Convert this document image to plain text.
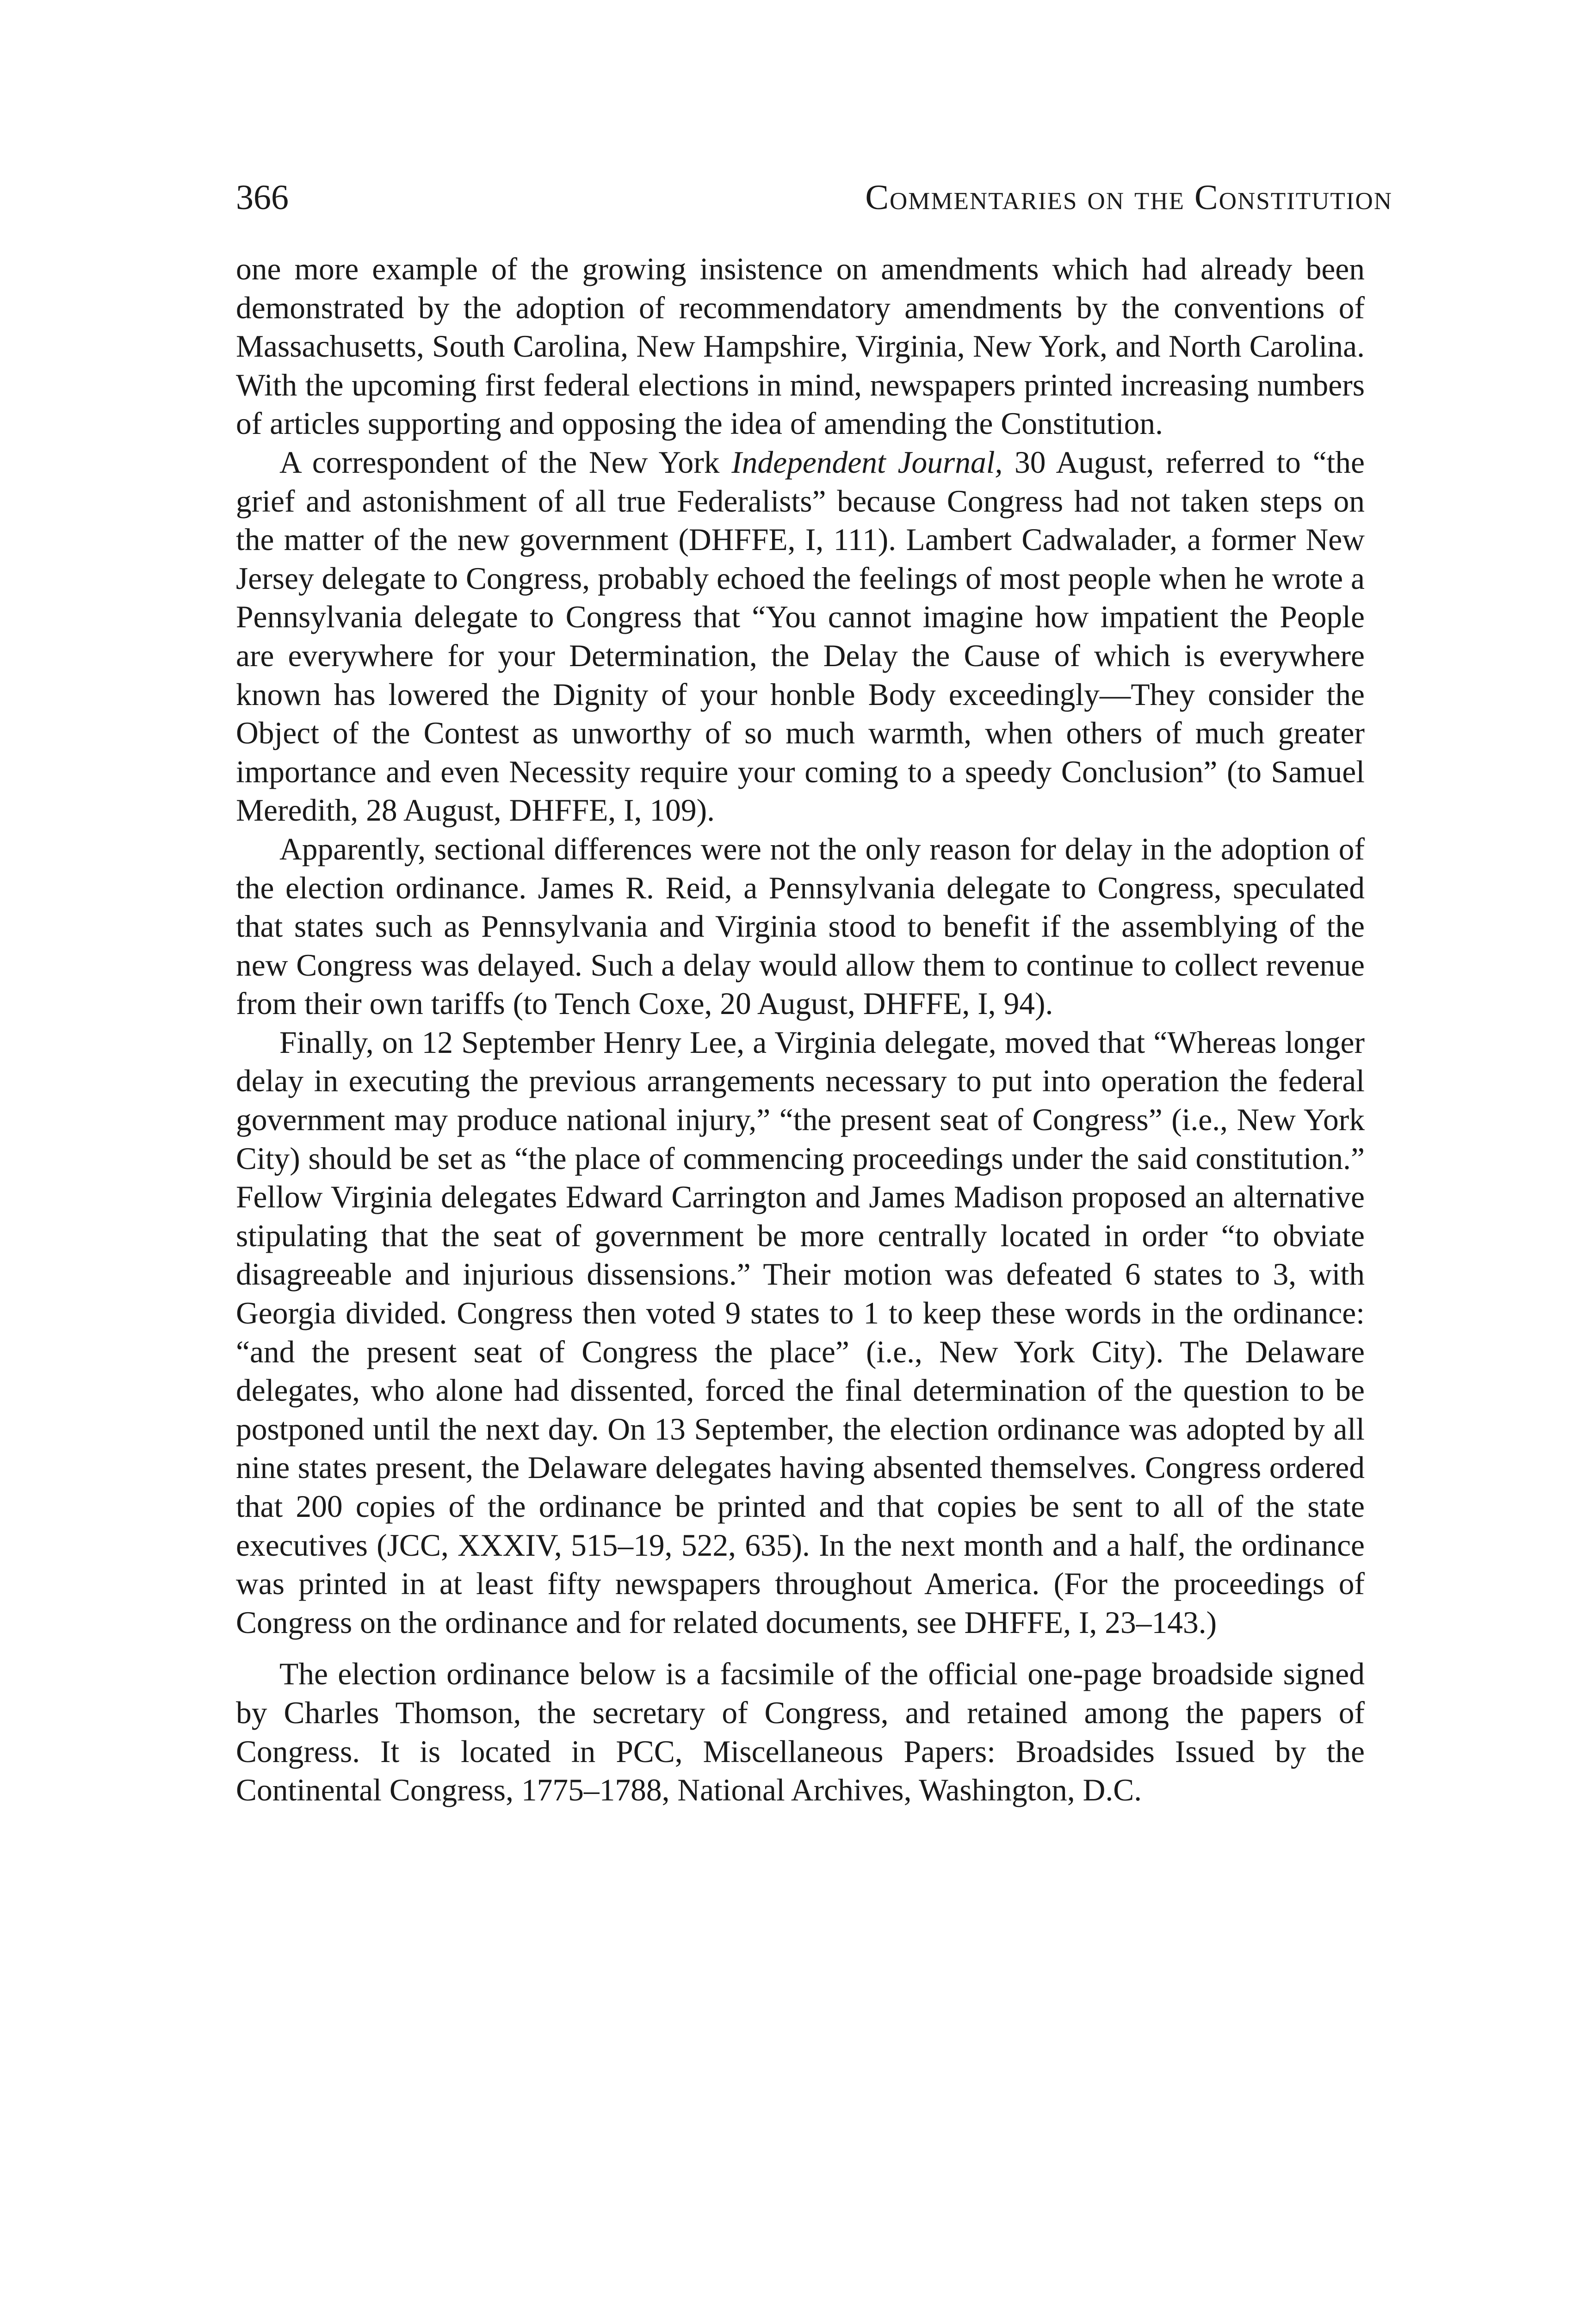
366	Commentaries on the Constitution

one more example of the growing insistence on amendments which had already been demonstrated by the adoption of recommendatory amendments by the conventions of Massachusetts, South Carolina, New Hampshire, Virginia, New York, and North Carolina. With the upcoming first federal elections in mind, newspapers printed increasing numbers of articles supporting and opposing the idea of amending the Constitution.

A correspondent of the New York Independent Journal, 30 August, referred to “the grief and astonishment of all true Federalists” because Congress had not taken steps on the matter of the new government (DHFFE, I, 111). Lambert Cadwalader, a former New Jersey delegate to Congress, probably echoed the feelings of most people when he wrote a Pennsylvania delegate to Congress that “You cannot imagine how impatient the People are everywhere for your Determination, the Delay the Cause of which is everywhere known has lowered the Dignity of your honble Body exceedingly—They consider the Object of the Contest as unworthy of so much warmth, when others of much greater importance and even Necessity require your coming to a speedy Conclusion” (to Samuel Meredith, 28 August, DHFFE, I, 109).

Apparently, sectional differences were not the only reason for delay in the adoption of the election ordinance. James R. Reid, a Pennsylvania delegate to Congress, speculated that states such as Pennsylvania and Virginia stood to benefit if the assemblying of the new Congress was delayed. Such a delay would allow them to continue to collect revenue from their own tariffs (to Tench Coxe, 20 August, DHFFE, I, 94).

Finally, on 12 September Henry Lee, a Virginia delegate, moved that “Whereas longer delay in executing the previous arrangements necessary to put into operation the federal government may produce national injury,” “the present seat of Congress” (i.e., New York City) should be set as “the place of commencing proceedings under the said constitution.” Fellow Virginia delegates Edward Carrington and James Madison proposed an alternative stipulating that the seat of government be more centrally located in order “to obviate disagreeable and injurious dissensions.” Their motion was defeated 6 states to 3, with Georgia divided. Congress then voted 9 states to 1 to keep these words in the ordinance: “and the present seat of Congress the place” (i.e., New York City). The Delaware delegates, who alone had dissented, forced the final determination of the question to be postponed until the next day. On 13 September, the election ordinance was adopted by all nine states present, the Delaware delegates having absented themselves. Congress ordered that 200 copies of the ordinance be printed and that copies be sent to all of the state executives (JCC, XXXIV, 515–19, 522, 635). In the next month and a half, the ordinance was printed in at least fifty newspapers throughout America. (For the proceedings of Congress on the ordinance and for related documents, see DHFFE, I, 23–143.)

The election ordinance below is a facsimile of the official one-page broadside signed by Charles Thomson, the secretary of Congress, and retained among the papers of Congress. It is located in PCC, Miscellaneous Papers: Broadsides Issued by the Continental Congress, 1775–1788, National Archives, Washington, D.C.
